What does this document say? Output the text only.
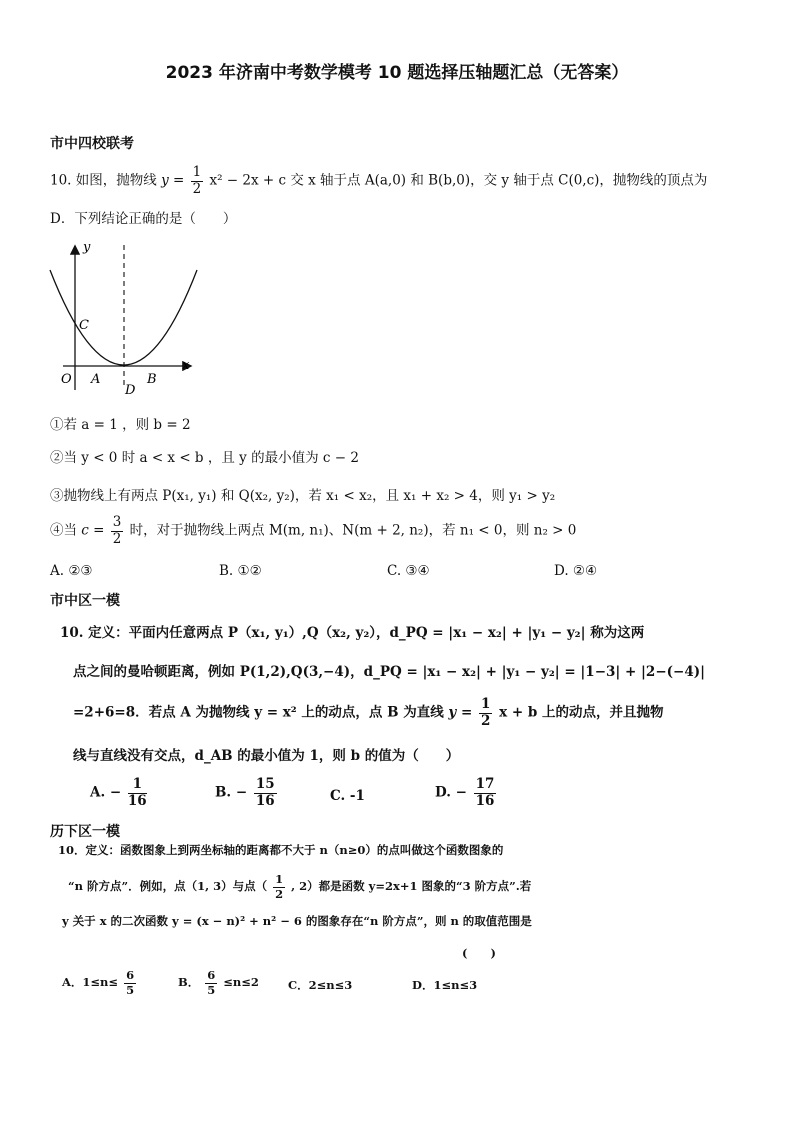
2023 年济南中考数学模考 10 题选择压轴题汇总（无答案）
市中四校联考
10. 如图，抛物线 $y = \frac{1}{2} x^2 - 2x + c$ 交 x 轴于点 A(a,0) 和 B(b,0)，交 y 轴于点 C(0,c)，抛物线的顶点为
D．下列结论正确的是（　　）
y
x
C
O A
D
B
①若 a = 1 ，则 b = 2
②当 y < 0 时 a < x < b ，且 y 的最小值为 c − 2
③抛物线上有两点 P(x₁, y₁) 和 Q(x₂, y₂)，若 x₁ < x₂，且 x₁ + x₂ > 4，则 y₁ > y₂
④当 $c = \frac{3}{2}$ 时，对于抛物线上两点 M(m, n₁)、N(m + 2, n₂)，若 n₁ < 0，则 n₂ > 0
A. ②③	B. ①②	C. ③④	D. ②④
市中区一模
10. 定义：平面内任意两点 P（x₁, y₁）,Q（x₂, y₂），d_PQ = |x₁ − x₂| + |y₁ − y₂| 称为这两
点之间的曼哈顿距离，例如 P(1,2),Q(3,−4)，d_PQ = |x₁ − x₂| + |y₁ − y₂| = |1−3| + |2−(−4)|
=2+6=8．若点 A 为抛物线 y = x² 上的动点，点 B 为直线 $y = \frac{1}{2}$ x + b 上的动点，并且抛物
线与直线没有交点，d_AB 的最小值为 1，则 b 的值为（　　）
A. − $\frac{1}{16}$	B. − $\frac{15}{16}$	C. -1	D. − $\frac{17}{16}$
历下区一模
10．定义：函数图象上到两坐标轴的距离都不大于 n（n≥0）的点叫做这个函数图象的
“n 阶方点”．例如，点（1, 3）与点（ $\frac{1}{2}$ , 2）都是函数 y=2x+1 图象的“3 阶方点”.若
y 关于 x 的二次函数 y = (x − n)² + n² − 6 的图象存在“n 阶方点”，则 n 的取值范围是
(　　)
A．$1\le n\le \frac{6}{5}$	B． $\frac{6}{5} \le n\le 2$	C．2≤n≤3	D．1≤n≤3
